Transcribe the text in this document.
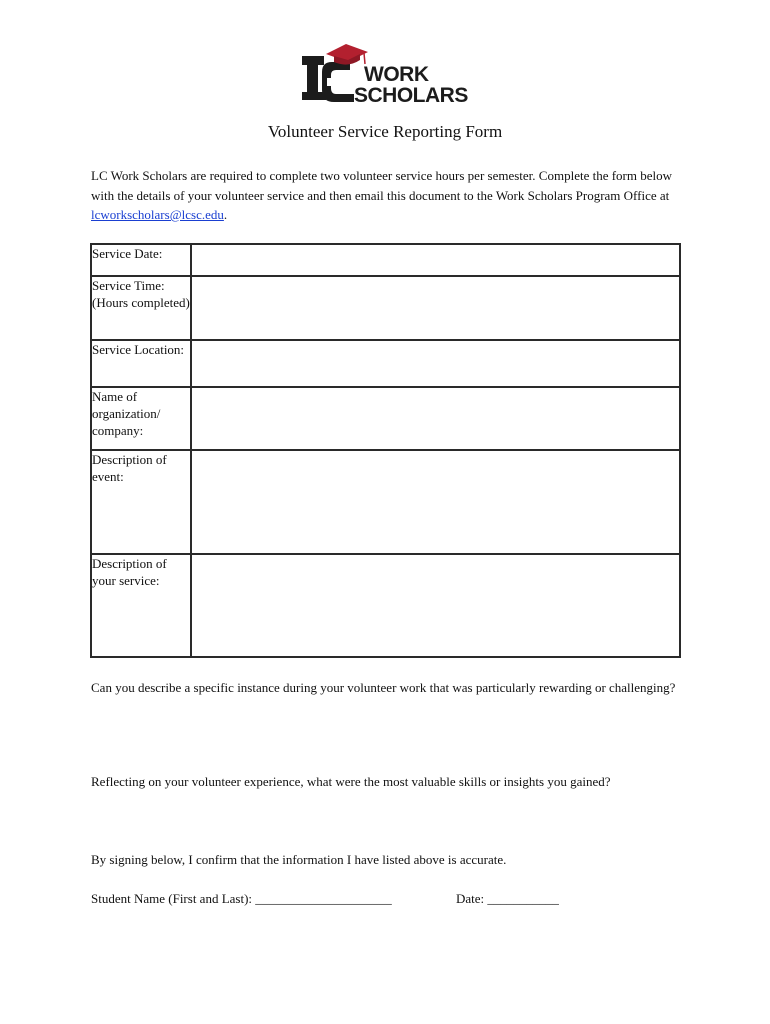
WORK
SCHOLARS
Volunteer Service Reporting Form

LC Work Scholars are required to complete two volunteer service hours per semester. Complete the form below with the details of your volunteer service and then email this document to the Work Scholars Program Office at lcworkscholars@lcsc.edu.

Service Date:	
Service Time: (Hours completed)	
Service Location:	
Name of organization/ company:	
Description of event:	
Description of your service:	
Can you describe a specific instance during your volunteer work that was particularly rewarding or challenging?
Reflecting on your volunteer experience, what were the most valuable skills or insights you gained?
By signing below, I confirm that the information I have listed above is accurate.
Student Name (First and Last): _____________________	Date: ___________
